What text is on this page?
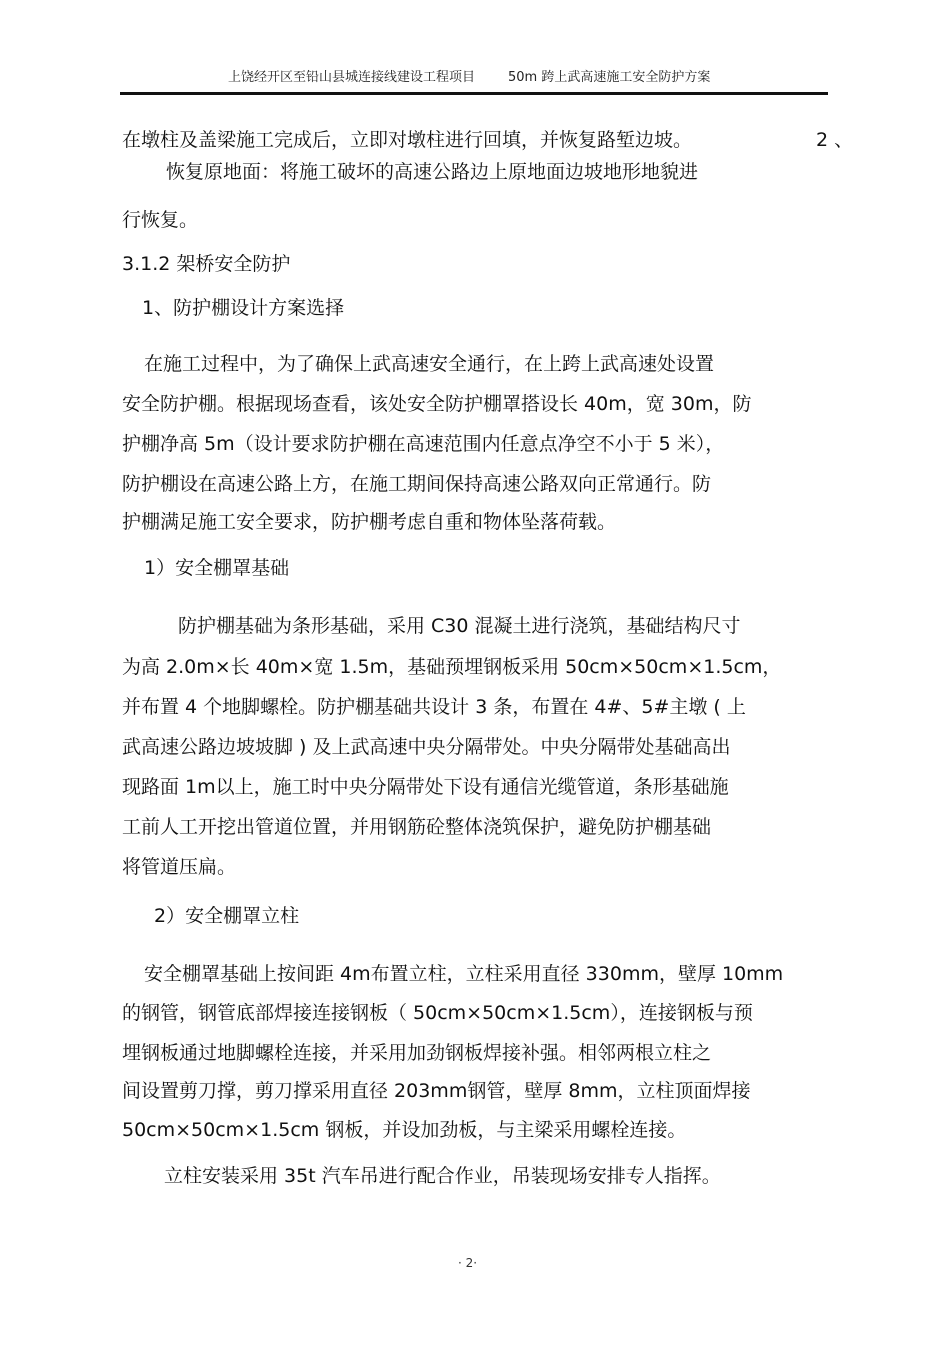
上饶经开区至铅山县城连接线建设工程项目	50m 跨上武高速施工安全防护方案
在墩柱及盖梁施工完成后，立即对墩柱进行回填，并恢复路堑边坡。	2 、
恢复原地面：将施工破坏的高速公路边上原地面边坡地形地貌进
行恢复。
3.1.2 架桥安全防护
1、防护棚设计方案选择
在施工过程中，为了确保上武高速安全通行，在上跨上武高速处设置
安全防护棚。根据现场查看，该处安全防护棚罩搭设长 40m，宽 30m，防
护棚净高 5m（设计要求防护棚在高速范围内任意点净空不小于 5 米），
防护棚设在高速公路上方，在施工期间保持高速公路双向正常通行。防
护棚满足施工安全要求，防护棚考虑自重和物体坠落荷载。
1）安全棚罩基础
防护棚基础为条形基础，采用 C30 混凝土进行浇筑，基础结构尺寸
为高 2.0m×长 40m×宽 1.5m，基础预埋钢板采用 50cm×50cm×1.5cm，
并布置 4 个地脚螺栓。防护棚基础共设计 3 条，布置在 4#、5#主墩 ( 上
武高速公路边坡坡脚 ) 及上武高速中央分隔带处。中央分隔带处基础高出
现路面 1m以上，施工时中央分隔带处下设有通信光缆管道，条形基础施
工前人工开挖出管道位置，并用钢筋砼整体浇筑保护，避免防护棚基础
将管道压扁。
2）安全棚罩立柱
安全棚罩基础上按间距 4m布置立柱，立柱采用直径 330mm，壁厚 10mm
的钢管，钢管底部焊接连接钢板（ 50cm×50cm×1.5cm），连接钢板与预
埋钢板通过地脚螺栓连接，并采用加劲钢板焊接补强。相邻两根立柱之
间设置剪刀撑，剪刀撑采用直径 203mm钢管，壁厚 8mm，立柱顶面焊接
50cm×50cm×1.5cm 钢板，并设加劲板，与主梁采用螺栓连接。
立柱安装采用 35t 汽车吊进行配合作业，吊装现场安排专人指挥。
· 2·
